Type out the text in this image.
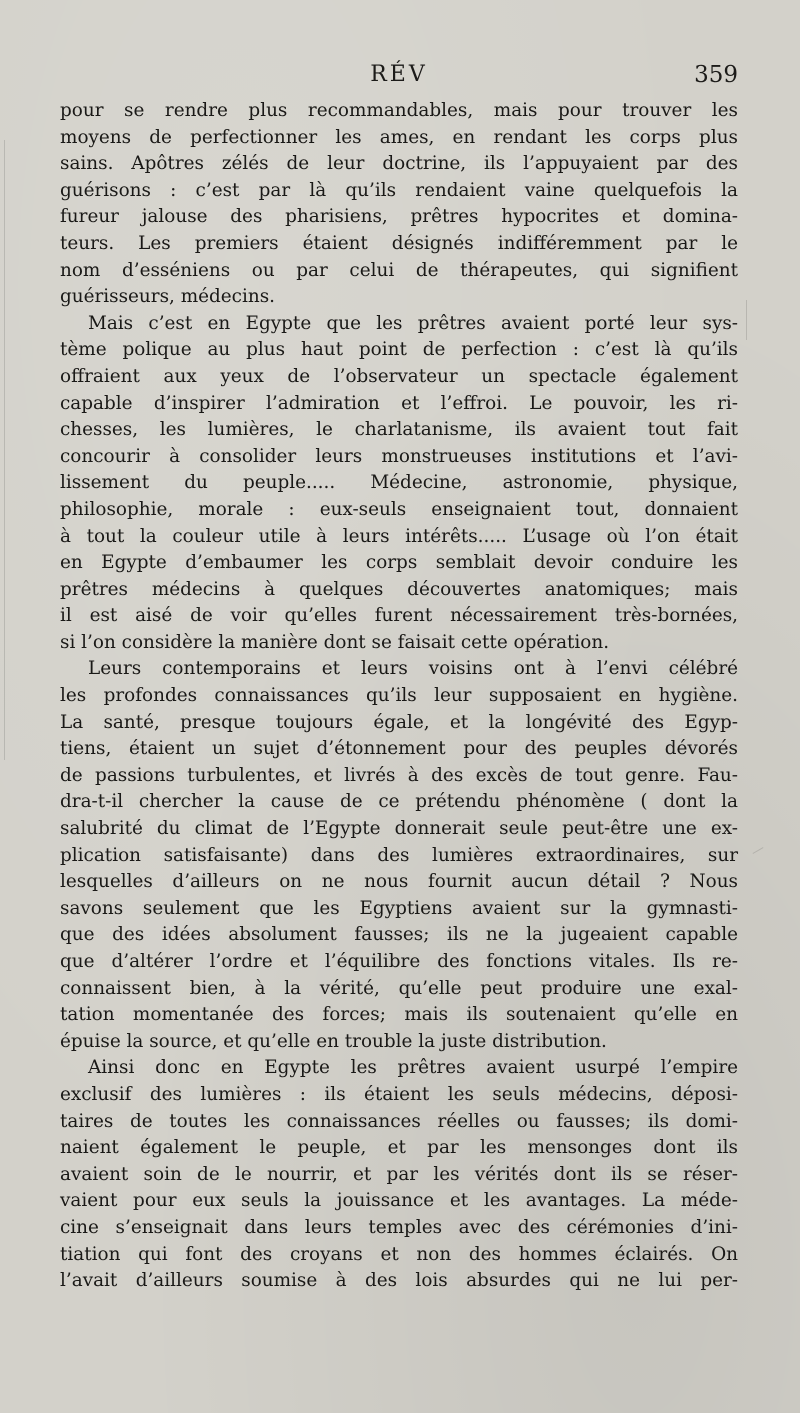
RÉV	359
pour se rendre plus recommandables, mais pour trouver les
moyens de perfectionner les ames, en rendant les corps plus
sains. Apôtres zélés de leur doctrine, ils l’appuyaient par des
guérisons : c’est par là qu’ils rendaient vaine quelquefois la
fureur jalouse des pharisiens, prêtres hypocrites et domina-
teurs. Les premiers étaient désignés indifféremment par le
nom d’esséniens ou par celui de thérapeutes, qui signifient
guérisseurs, médecins.
Mais c’est en Egypte que les prêtres avaient porté leur sys-
tème polique au plus haut point de perfection : c’est là qu’ils
offraient aux yeux de l’observateur un spectacle également
capable d’inspirer l’admiration et l’effroi. Le pouvoir, les ri-
chesses, les lumières, le charlatanisme, ils avaient tout fait
concourir à consolider leurs monstrueuses institutions et l’avi-
lissement du peuple..... Médecine, astronomie, physique,
philosophie, morale : eux-seuls enseignaient tout, donnaient
à tout la couleur utile à leurs intérêts..... L’usage où l’on était
en Egypte d’embaumer les corps semblait devoir conduire les
prêtres médecins à quelques découvertes anatomiques; mais
il est aisé de voir qu’elles furent nécessairement très-bornées,
si l’on considère la manière dont se faisait cette opération.
Leurs contemporains et leurs voisins ont à l’envi célébré
les profondes connaissances qu’ils leur supposaient en hygiène.
La santé, presque toujours égale, et la longévité des Egyp-
tiens, étaient un sujet d’étonnement pour des peuples dévorés
de passions turbulentes, et livrés à des excès de tout genre. Fau-
dra-t-il chercher la cause de ce prétendu phénomène ( dont la
salubrité du climat de l’Egypte donnerait seule peut-être une ex-
plication satisfaisante) dans des lumières extraordinaires, sur
lesquelles d’ailleurs on ne nous fournit aucun détail ? Nous
savons seulement que les Egyptiens avaient sur la gymnasti-
que des idées absolument fausses; ils ne la jugeaient capable
que d’altérer l’ordre et l’équilibre des fonctions vitales. Ils re-
connaissent bien, à la vérité, qu’elle peut produire une exal-
tation momentanée des forces; mais ils soutenaient qu’elle en
épuise la source, et qu’elle en trouble la juste distribution.
Ainsi donc en Egypte les prêtres avaient usurpé l’empire
exclusif des lumières : ils étaient les seuls médecins, déposi-
taires de toutes les connaissances réelles ou fausses; ils domi-
naient également le peuple, et par les mensonges dont ils
avaient soin de le nourrir, et par les vérités dont ils se réser-
vaient pour eux seuls la jouissance et les avantages. La méde-
cine s’enseignait dans leurs temples avec des cérémonies d’ini-
tiation qui font des croyans et non des hommes éclairés. On
l’avait d’ailleurs soumise à des lois absurdes qui ne lui per-
